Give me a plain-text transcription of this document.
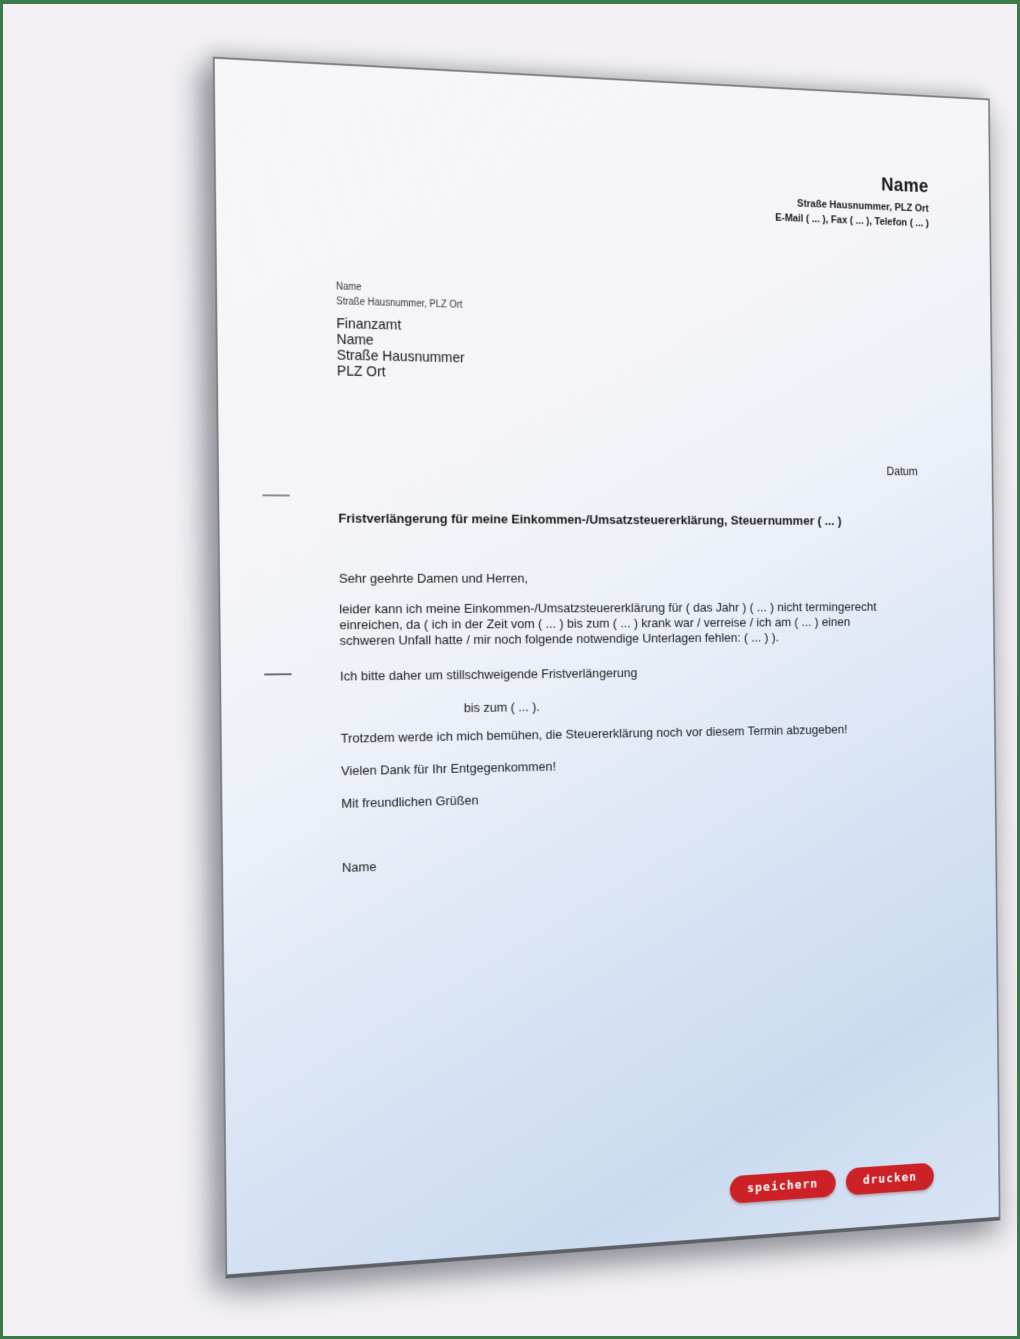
Name
Straße Hausnummer, PLZ Ort
E-Mail ( ... ), Fax ( ... ), Telefon ( ... )
Name
Straße Hausnummer, PLZ Ort
Finanzamt
Name
Straße Hausnummer
PLZ Ort
Datum
Fristverlängerung für meine Einkommen-/Umsatzsteuererklärung, Steuernummer ( ... )
Sehr geehrte Damen und Herren,
leider kann ich meine Einkommen-/Umsatzsteuererklärung für ( das Jahr ) ( ... ) nicht termingerecht
einreichen, da ( ich in der Zeit vom ( ... ) bis zum ( ... ) krank war / verreise / ich am ( ... ) einen
schweren Unfall hatte / mir noch folgende notwendige Unterlagen fehlen: ( ... ) ).
Ich bitte daher um stillschweigende Fristverlängerung
bis zum ( ... ).
Trotzdem werde ich mich bemühen, die Steuererklärung noch vor diesem Termin abzugeben!
Vielen Dank für Ihr Entgegenkommen!
Mit freundlichen Grüßen
Name
speichern	drucken
